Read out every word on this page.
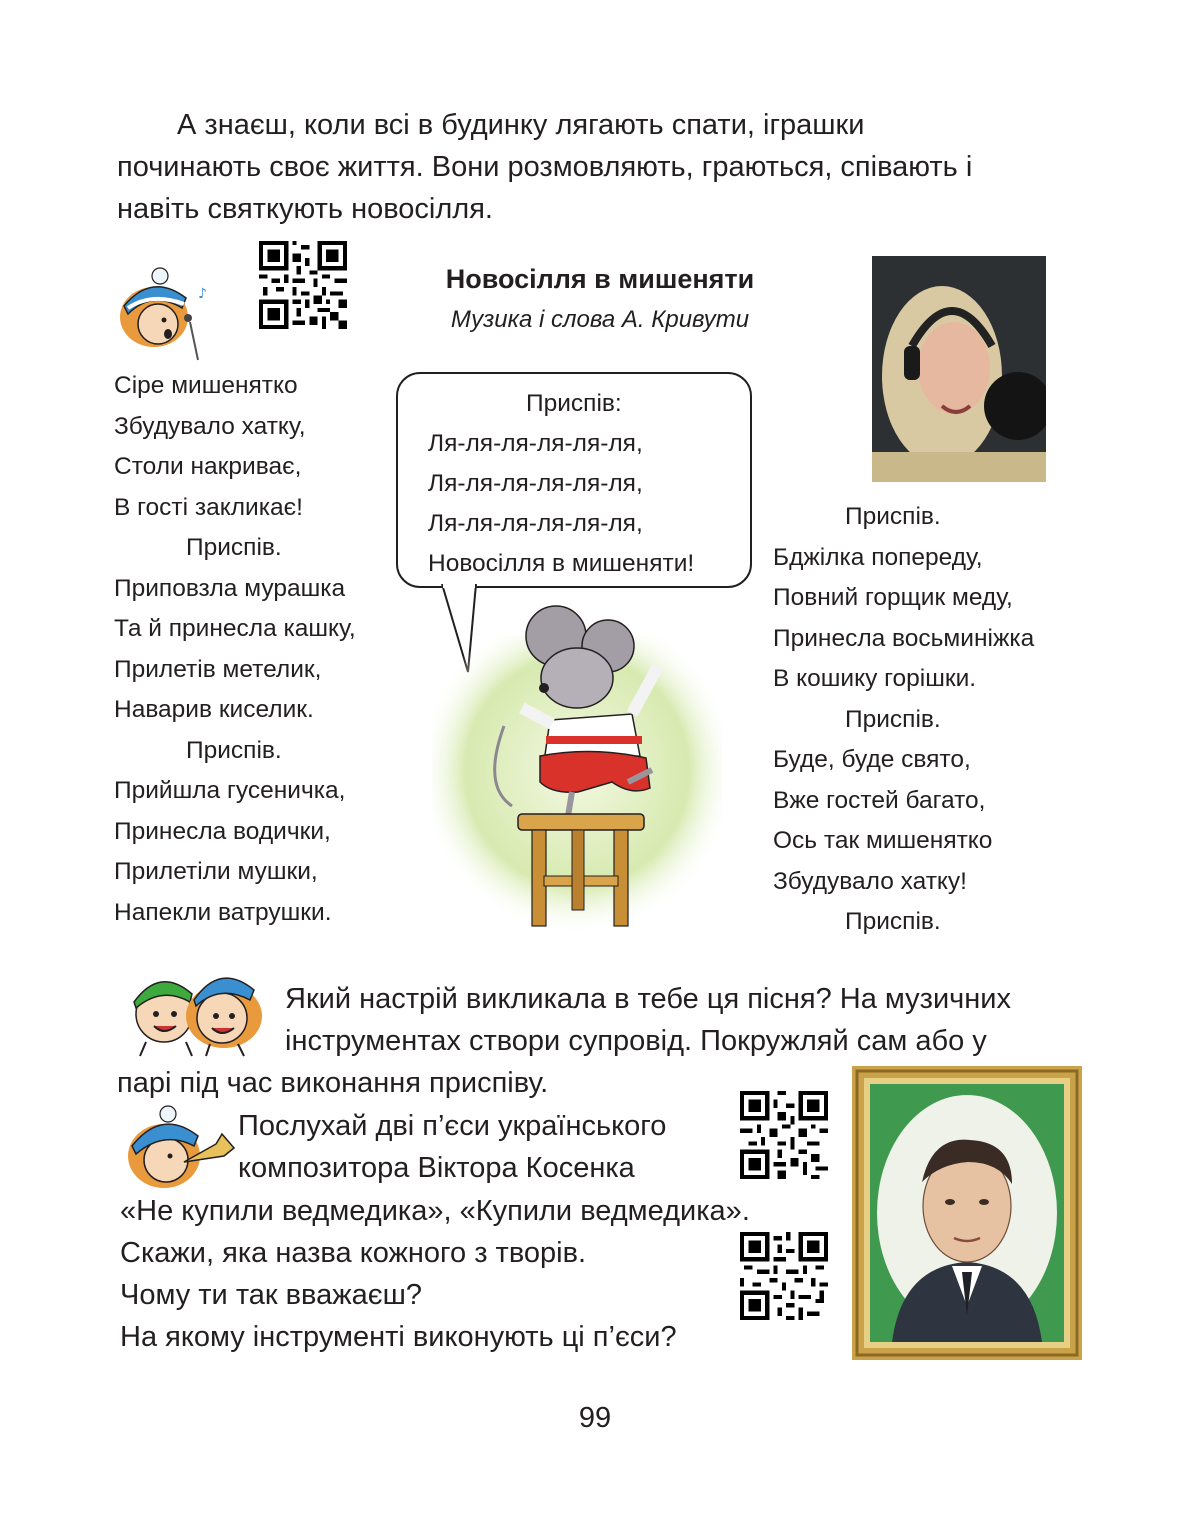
А знаєш, коли всі в будинку лягають спати, іграшки
починають своє життя. Вони розмовляють, граються, співають і
навіть святкують новосілля.
♪	Новосілля в мишеняти
Музика і слова А. Кривути
Сіре мишенятко
Збудувало хатку,
Столи накриває,
В гості закликає!
Приспів.
Приповзла мурашка
Та й принесла кашку,
Прилетів метелик,
Наварив киселик.
Приспів.
Прийшла гусеничка,
Принесла водички,
Прилетіли мушки,
Напекли ватрушки.
Приспів:
Ля-ля-ля-ля-ля-ля,
Ля-ля-ля-ля-ля-ля,
Ля-ля-ля-ля-ля-ля,
Новосілля в мишеняти!
Приспів.
Бджілка попереду,
Повний горщик меду,
Принесла восьминіжка
В кошику горішки.
Приспів.
Буде, буде свято,
Вже гостей багато,
Ось так мишенятко
Збудувало хатку!
Приспів.
Який настрій викликала в тебе ця пісня? На музичних
інструментах створи супровід. Покружляй сам або у
парі під час виконання приспіву.
Послухай дві п’єси українського
композитора Віктора Косенка
«Не купили ведмедика», «Купили ведмедика».
Скажи, яка назва кожного з творів.
Чому ти так вважаєш?
На якому інструменті виконують ці п’єси?
99
